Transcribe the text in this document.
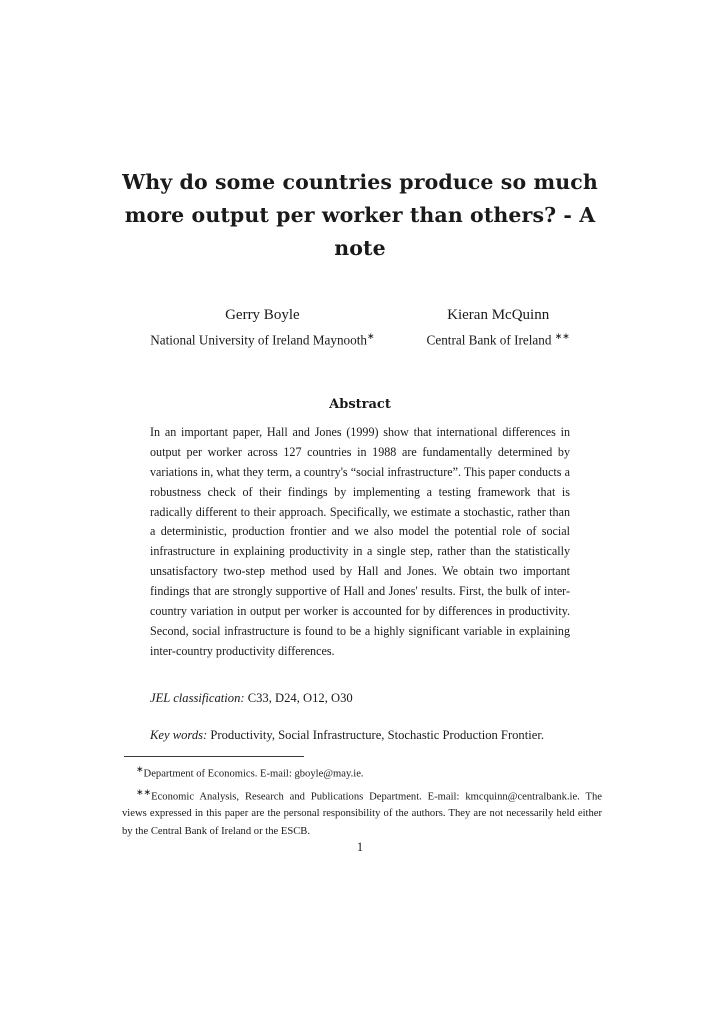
Why do some countries produce so much
more output per worker than others? - A note
Gerry Boyle
National University of Ireland Maynooth∗
Kieran McQuinn
Central Bank of Ireland ∗∗
Abstract
In an important paper, Hall and Jones (1999) show that international differences in output per worker across 127 countries in 1988 are fundamentally determined by variations in, what they term, a country's “social infrastructure”. This paper conducts a robustness check of their findings by implementing a testing framework that is radically different to their approach. Specifically, we estimate a stochastic, rather than a deterministic, production frontier and we also model the potential role of social infrastructure in explaining productivity in a single step, rather than the statistically unsatisfactory two-step method used by Hall and Jones. We obtain two important findings that are strongly supportive of Hall and Jones' results. First, the bulk of inter-country variation in output per worker is accounted for by differences in productivity. Second, social infrastructure is found to be a highly significant variable in explaining inter-country productivity differences.
JEL classification: C33, D24, O12, O30
Key words: Productivity, Social Infrastructure, Stochastic Production Frontier.

∗Department of Economics. E-mail: gboyle@may.ie.

∗∗Economic Analysis, Research and Publications Department. E-mail: kmcquinn@centralbank.ie. The views expressed in this paper are the personal responsibility of the authors. They are not necessarily held either by the Central Bank of Ireland or the ESCB.

1
